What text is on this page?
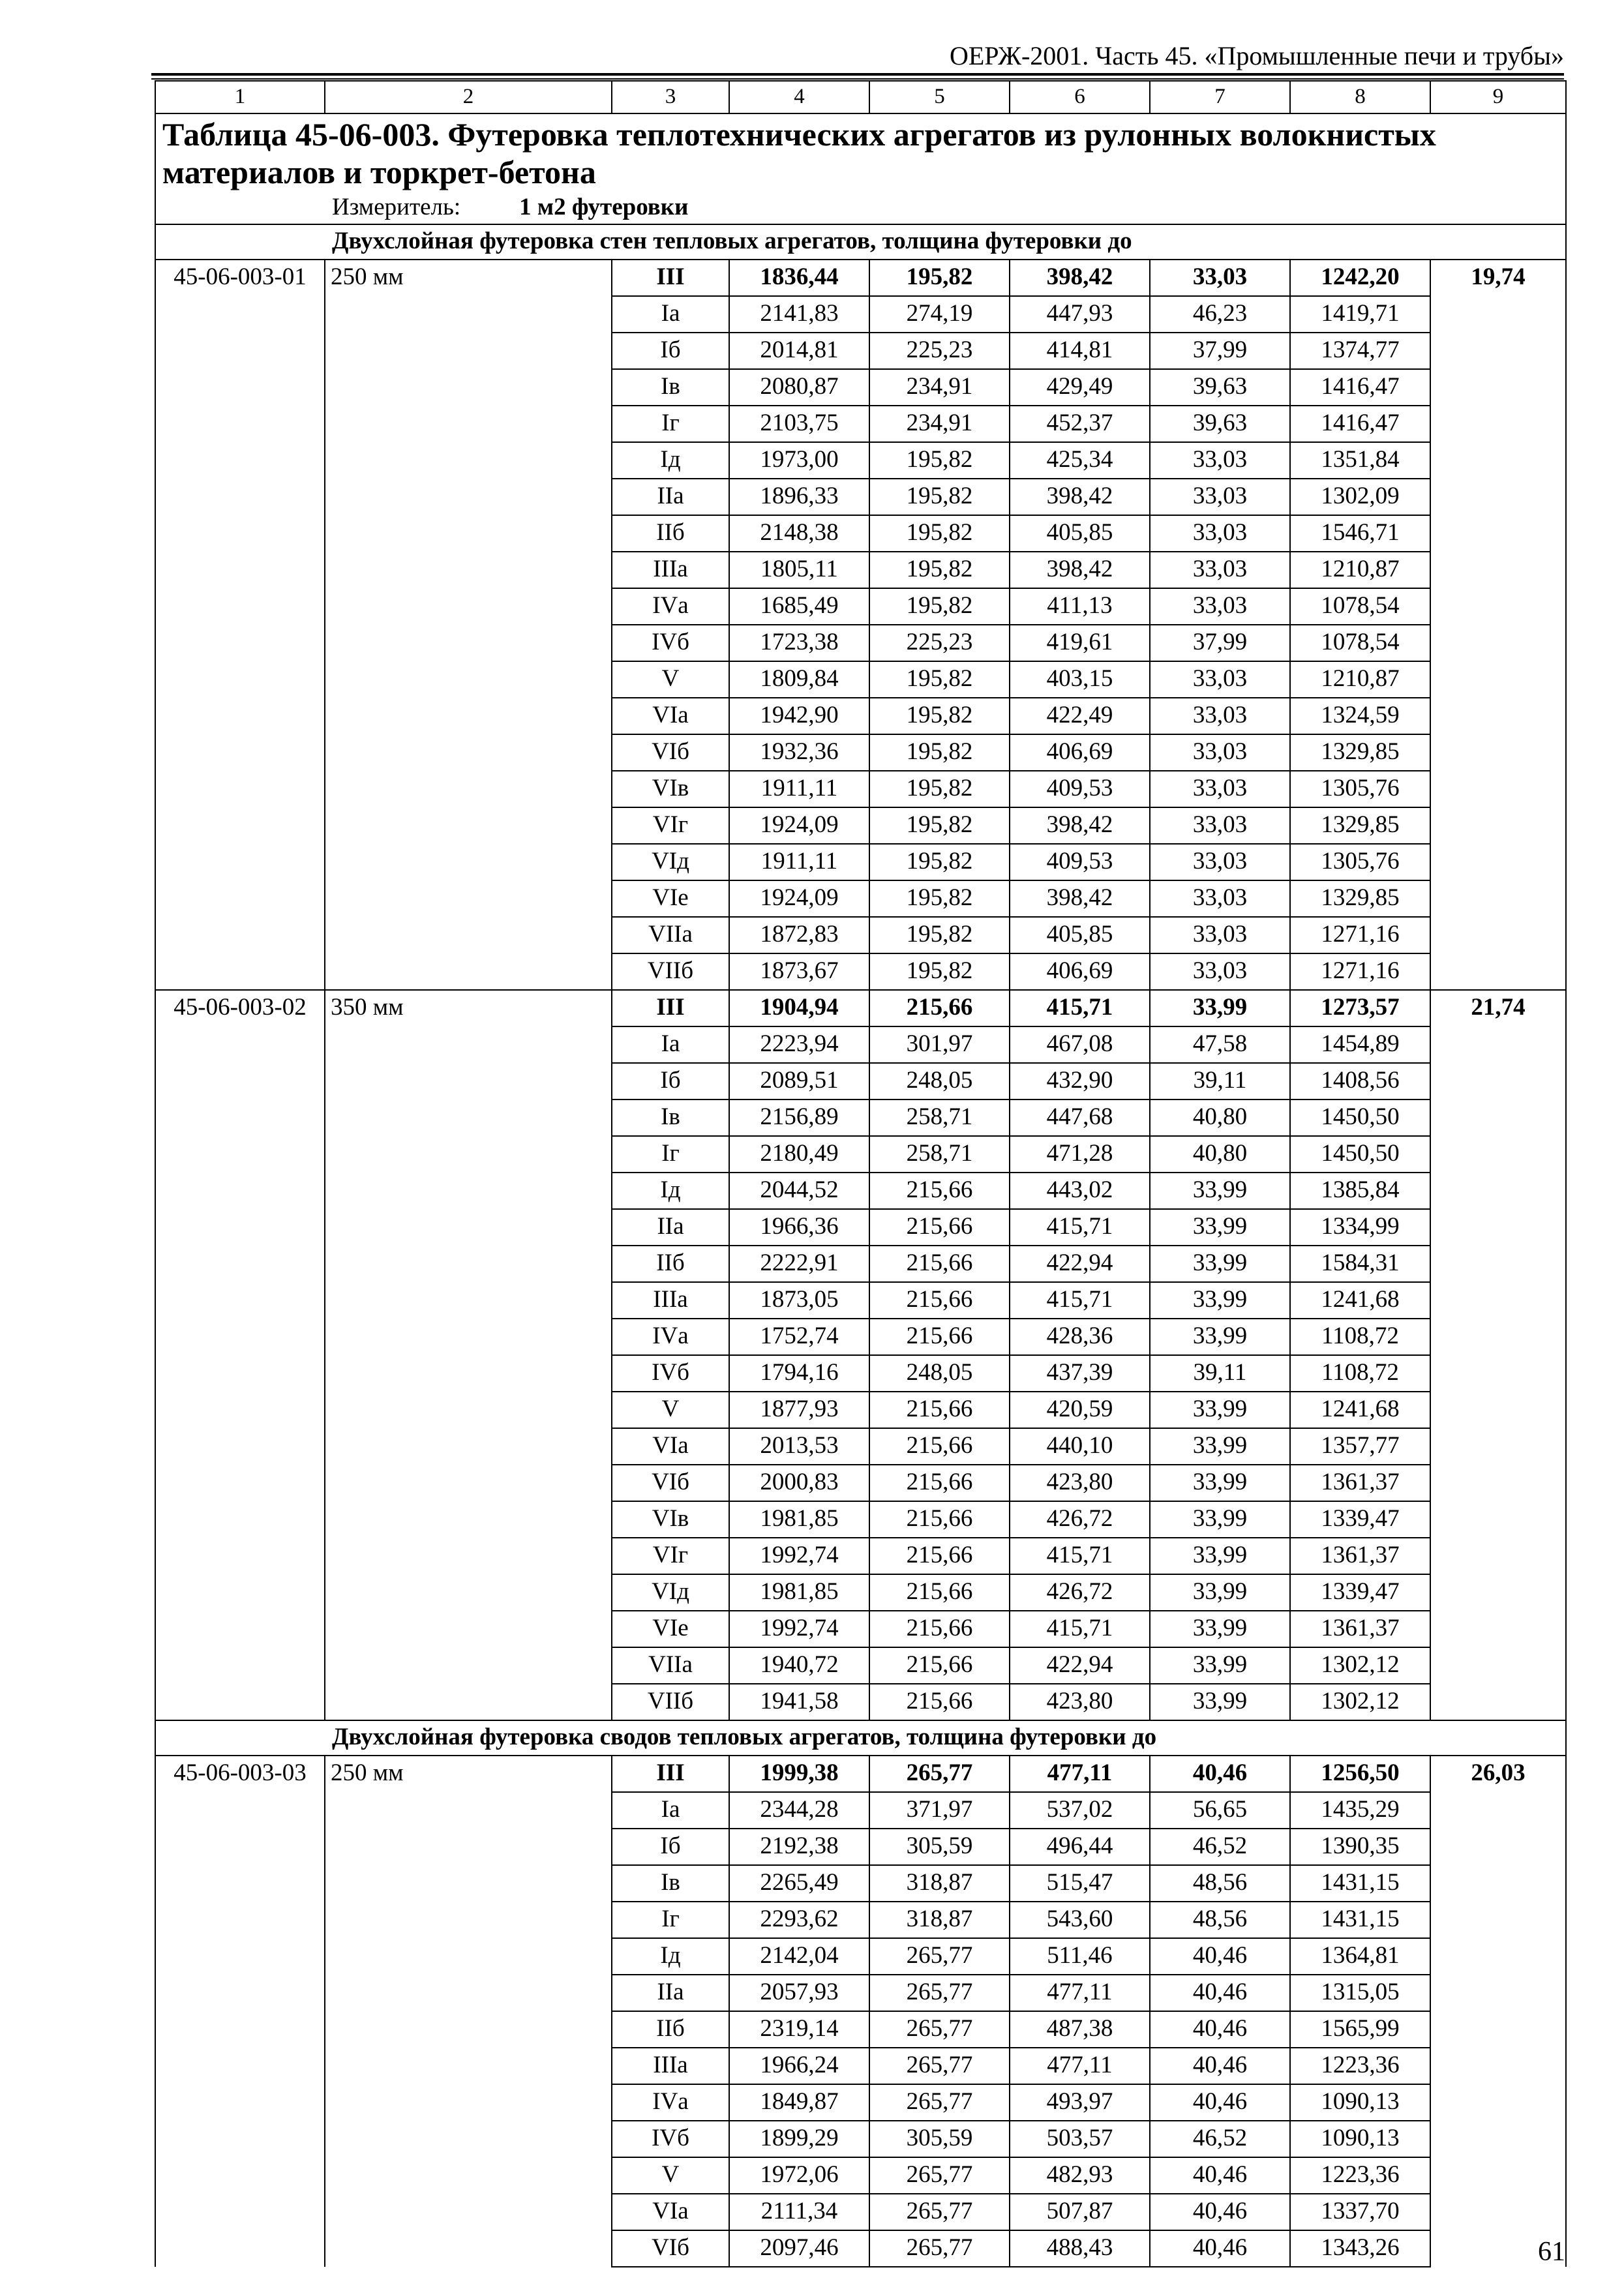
ОЕРЖ-2001. Часть 45. «Промышленные печи и трубы»
1	2	3	4	5	6	7	8	9

Таблица 45-06-003. Футеровка теплотехнических агрегатов из рулонных волокнистых материалов и торкрет-бетона
Измеритель: 1 м2 футеровки								

Двухслойная футеровка стен тепловых агрегатов, толщина футеровки до								
45-06-003-01	250 мм	III	1836,44	195,82	398,42	33,03	1242,20	19,74
		Iа	2141,83	274,19	447,93	46,23	1419,71	
		Iб	2014,81	225,23	414,81	37,99	1374,77	
		Iв	2080,87	234,91	429,49	39,63	1416,47	
		Iг	2103,75	234,91	452,37	39,63	1416,47	
		Iд	1973,00	195,82	425,34	33,03	1351,84	
		IIа	1896,33	195,82	398,42	33,03	1302,09	
		IIб	2148,38	195,82	405,85	33,03	1546,71	
		IIIа	1805,11	195,82	398,42	33,03	1210,87	
		IVа	1685,49	195,82	411,13	33,03	1078,54	
		IVб	1723,38	225,23	419,61	37,99	1078,54	
		V	1809,84	195,82	403,15	33,03	1210,87	
		VIа	1942,90	195,82	422,49	33,03	1324,59	
		VIб	1932,36	195,82	406,69	33,03	1329,85	
		VIв	1911,11	195,82	409,53	33,03	1305,76	
		VIг	1924,09	195,82	398,42	33,03	1329,85	
		VIд	1911,11	195,82	409,53	33,03	1305,76	
		VIе	1924,09	195,82	398,42	33,03	1329,85	
		VIIа	1872,83	195,82	405,85	33,03	1271,16	
		VIIб	1873,67	195,82	406,69	33,03	1271,16	
45-06-003-02	350 мм	III	1904,94	215,66	415,71	33,99	1273,57	21,74
		Iа	2223,94	301,97	467,08	47,58	1454,89	
		Iб	2089,51	248,05	432,90	39,11	1408,56	
		Iв	2156,89	258,71	447,68	40,80	1450,50	
		Iг	2180,49	258,71	471,28	40,80	1450,50	
		Iд	2044,52	215,66	443,02	33,99	1385,84	
		IIа	1966,36	215,66	415,71	33,99	1334,99	
		IIб	2222,91	215,66	422,94	33,99	1584,31	
		IIIа	1873,05	215,66	415,71	33,99	1241,68	
		IVа	1752,74	215,66	428,36	33,99	1108,72	
		IVб	1794,16	248,05	437,39	39,11	1108,72	
		V	1877,93	215,66	420,59	33,99	1241,68	
		VIа	2013,53	215,66	440,10	33,99	1357,77	
		VIб	2000,83	215,66	423,80	33,99	1361,37	
		VIв	1981,85	215,66	426,72	33,99	1339,47	
		VIг	1992,74	215,66	415,71	33,99	1361,37	
		VIд	1981,85	215,66	426,72	33,99	1339,47	
		VIе	1992,74	215,66	415,71	33,99	1361,37	
		VIIа	1940,72	215,66	422,94	33,99	1302,12	
		VIIб	1941,58	215,66	423,80	33,99	1302,12	
Двухслойная футеровка сводов тепловых агрегатов, толщина футеровки до								
45-06-003-03	250 мм	III	1999,38	265,77	477,11	40,46	1256,50	26,03
		Iа	2344,28	371,97	537,02	56,65	1435,29	
		Iб	2192,38	305,59	496,44	46,52	1390,35	
		Iв	2265,49	318,87	515,47	48,56	1431,15	
		Iг	2293,62	318,87	543,60	48,56	1431,15	
		Iд	2142,04	265,77	511,46	40,46	1364,81	
		IIа	2057,93	265,77	477,11	40,46	1315,05	
		IIб	2319,14	265,77	487,38	40,46	1565,99	
		IIIа	1966,24	265,77	477,11	40,46	1223,36	
		IVа	1849,87	265,77	493,97	40,46	1090,13	
		IVб	1899,29	305,59	503,57	46,52	1090,13	
		V	1972,06	265,77	482,93	40,46	1223,36	
		VIа	2111,34	265,77	507,87	40,46	1337,70	
		VIб	2097,46	265,77	488,43	40,46	1343,26		61
